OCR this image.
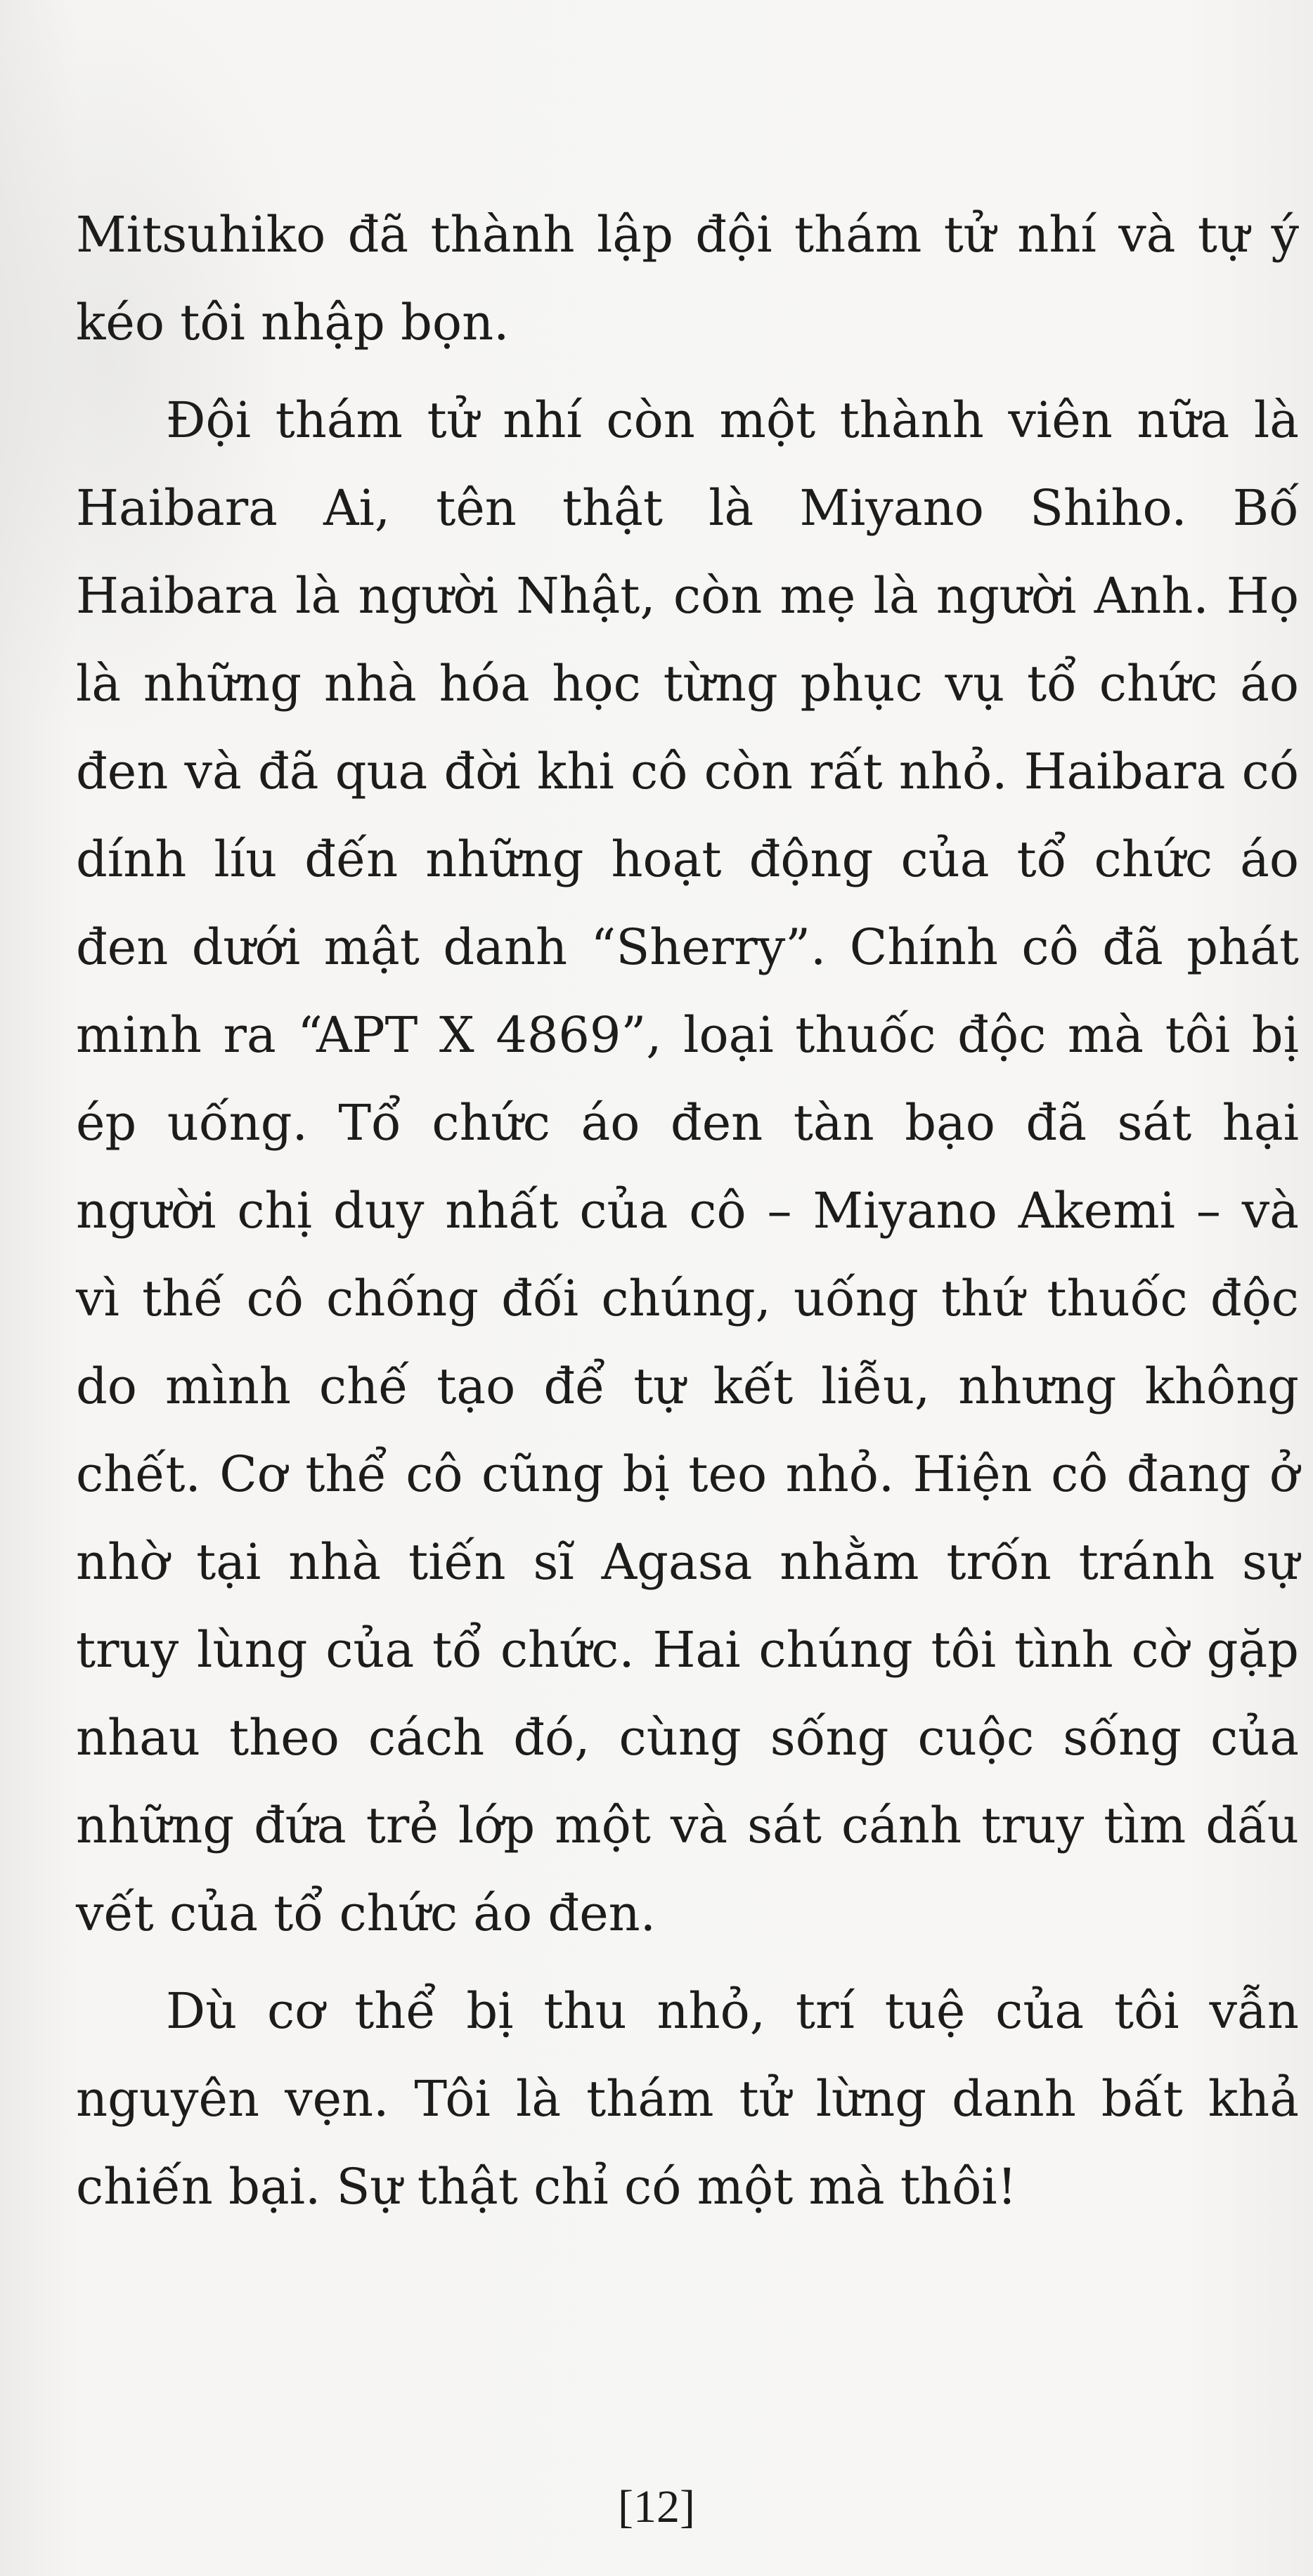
Mitsuhiko đã thành lập đội thám tử nhí và tự ý kéo tôi nhập bọn.

Đội thám tử nhí còn một thành viên nữa là Haibara Ai, tên thật là Miyano Shiho. Bố Haibara là người Nhật, còn mẹ là người Anh. Họ là những nhà hóa học từng phục vụ tổ chức áo đen và đã qua đời khi cô còn rất nhỏ. Haibara có dính líu đến những hoạt động của tổ chức áo đen dưới mật danh “Sherry”. Chính cô đã phát minh ra “APT X 4869”, loại thuốc độc mà tôi bị ép uống. Tổ chức áo đen tàn bạo đã sát hại người chị duy nhất của cô – Miyano Akemi – và vì thế cô chống đối chúng, uống thứ thuốc độc do mình chế tạo để tự kết liễu, nhưng không chết. Cơ thể cô cũng bị teo nhỏ. Hiện cô đang ở nhờ tại nhà tiến sĩ Agasa nhằm trốn tránh sự truy lùng của tổ chức. Hai chúng tôi tình cờ gặp nhau theo cách đó, cùng sống cuộc sống của những đứa trẻ lớp một và sát cánh truy tìm dấu vết của tổ chức áo đen.

Dù cơ thể bị thu nhỏ, trí tuệ của tôi vẫn nguyên vẹn. Tôi là thám tử lừng danh bất khả chiến bại. Sự thật chỉ có một mà thôi!

[12]
